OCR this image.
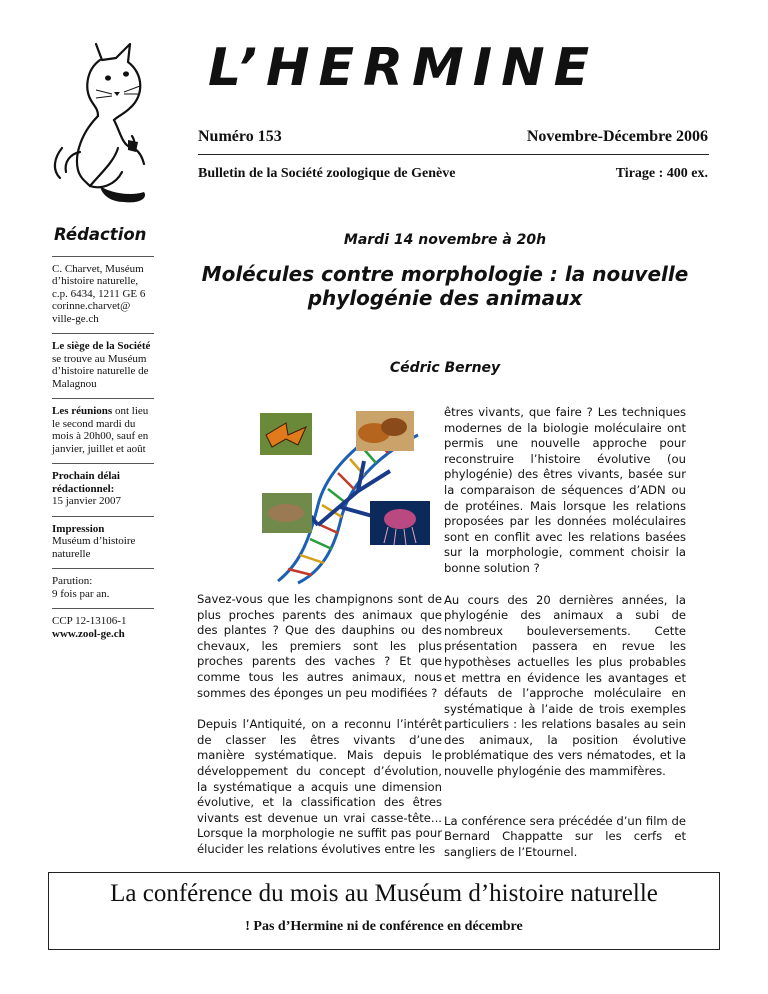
L’HERMINE
Numéro 153	Novembre-Décembre 2006
Bulletin de la Société zoologique de Genève	Tirage : 400 ex.
Rédaction
C. Charvet, Muséum d’histoire naturelle, c.p. 6434, 1211 GE 6 corinne.charvet@ ville-ge.ch
Le siège de la Société
se trouve au Muséum d’histoire naturelle de Malagnou
Les réunions ont lieu le second mardi du mois à 20h00, sauf en janvier, juillet et août
Prochain délai rédactionnel:
15 janvier 2007
Impression
Muséum d’histoire naturelle
Parution:
9 fois par an.
CCP 12-13106-1
www.zool-ge.ch
Mardi 14 novembre à 20h
Molécules contre morphologie : la nouvelle phylogénie des animaux
Cédric Berney

Savez-vous que les champignons sont de plus proches parents des animaux que des plantes ? Que des dauphins ou des chevaux, les premiers sont les plus proches parents des vaches ? Et que comme tous les autres animaux, nous sommes des éponges un peu modifiées ?

Depuis l’Antiquité, on a reconnu l’intérêt de classer les êtres vivants d’une manière systématique. Mais depuis le développement du concept d’évolution, la systématique a acquis une dimension évolutive, et la classification des êtres vivants est devenue un vrai casse-tête... Lorsque la morphologie ne suffit pas pour élucider les relations évolutives entre les

êtres vivants, que faire ? Les techniques modernes de la biologie moléculaire ont permis une nouvelle approche pour reconstruire l’histoire évolutive (ou phylogénie) des êtres vivants, basée sur la comparaison de séquences d’ADN ou de protéines. Mais lorsque les relations proposées par les données moléculaires sont en conflit avec les relations basées sur la morphologie, comment choisir la bonne solution ?

Au cours des 20 dernières années, la phylogénie des animaux a subi de nombreux bouleversements. Cette présentation passera en revue les hypothèses actuelles les plus probables et mettra en évidence les avantages et défauts de l’approche moléculaire en systématique à l’aide de trois exemples particuliers : les relations basales au sein des animaux, la position évolutive problématique des vers nématodes, et la nouvelle phylogénie des mammifères.

La conférence sera précédée d’un film de Bernard Chappatte sur les cerfs et sangliers de l’Etournel.

La conférence du mois au Muséum d’histoire naturelle
! Pas d’Hermine ni de conférence en décembre
